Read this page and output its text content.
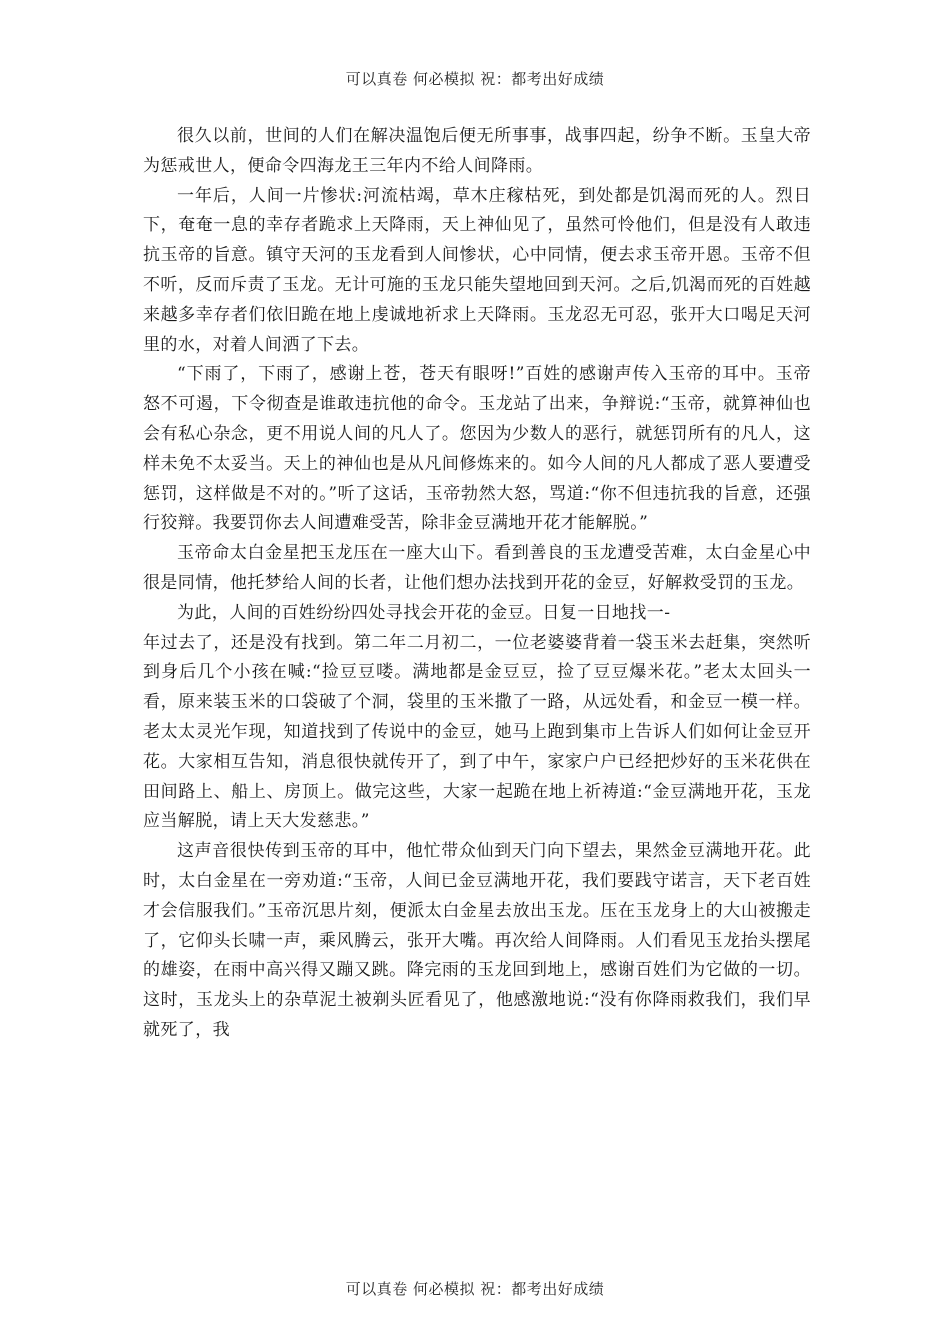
可以真卷 何必模拟 祝：都考出好成绩

很久以前，世间的人们在解决温饱后便无所事事，战事四起，纷争不断。玉皇大帝为惩戒世人，便命令四海龙王三年内不给人间降雨。

一年后，人间一片惨状:河流枯竭，草木庄稼枯死，到处都是饥渴而死的人。烈日下，奄奄一息的幸存者跪求上天降雨，天上神仙见了，虽然可怜他们，但是没有人敢违抗玉帝的旨意。镇守天河的玉龙看到人间惨状，心中同情，便去求玉帝开恩。玉帝不但不听，反而斥责了玉龙。无计可施的玉龙只能失望地回到天河。之后,饥渴而死的百姓越来越多幸存者们依旧跪在地上虔诚地祈求上天降雨。玉龙忍无可忍，张开大口喝足天河里的水，对着人间洒了下去。

“下雨了，下雨了，感谢上苍，苍天有眼呀!”百姓的感谢声传入玉帝的耳中。玉帝怒不可遏，下令彻查是谁敢违抗他的命令。玉龙站了出来，争辩说:“玉帝，就算神仙也会有私心杂念，更不用说人间的凡人了。您因为少数人的恶行，就惩罚所有的凡人，这样未免不太妥当。天上的神仙也是从凡间修炼来的。如今人间的凡人都成了恶人要遭受惩罚，这样做是不对的。”听了这话，玉帝勃然大怒，骂道:“你不但违抗我的旨意，还强行狡辩。我要罚你去人间遭难受苦，除非金豆满地开花才能解脱。”

玉帝命太白金星把玉龙压在一座大山下。看到善良的玉龙遭受苦难，太白金星心中很是同情，他托梦给人间的长者，让他们想办法找到开花的金豆，好解救受罚的玉龙。

为此，人间的百姓纷纷四处寻找会开花的金豆。日复一日地找一-

年过去了，还是没有找到。第二年二月初二，一位老婆婆背着一袋玉米去赶集，突然听到身后几个小孩在喊:“捡豆豆喽。满地都是金豆豆，捡了豆豆爆米花。”老太太回头一看，原来装玉米的口袋破了个洞，袋里的玉米撒了一路，从远处看，和金豆一模一样。老太太灵光乍现，知道找到了传说中的金豆，她马上跑到集市上告诉人们如何让金豆开花。大家相互告知，消息很快就传开了，到了中午，家家户户已经把炒好的玉米花供在田间路上、船上、房顶上。做完这些，大家一起跪在地上祈祷道:“金豆满地开花，玉龙应当解脱，请上天大发慈悲。”

这声音很快传到玉帝的耳中，他忙带众仙到天门向下望去，果然金豆满地开花。此时，太白金星在一旁劝道:“玉帝，人间已金豆满地开花，我们要践守诺言，天下老百姓才会信服我们。”玉帝沉思片刻，便派太白金星去放出玉龙。压在玉龙身上的大山被搬走了，它仰头长啸一声，乘风腾云，张开大嘴。再次给人间降雨。人们看见玉龙抬头摆尾的雄姿，在雨中高兴得又蹦又跳。降完雨的玉龙回到地上，感谢百姓们为它做的一切。这时，玉龙头上的杂草泥土被剃头匠看见了，他感激地说:“没有你降雨救我们，我们早就死了，我

可以真卷 何必模拟 祝：都考出好成绩
